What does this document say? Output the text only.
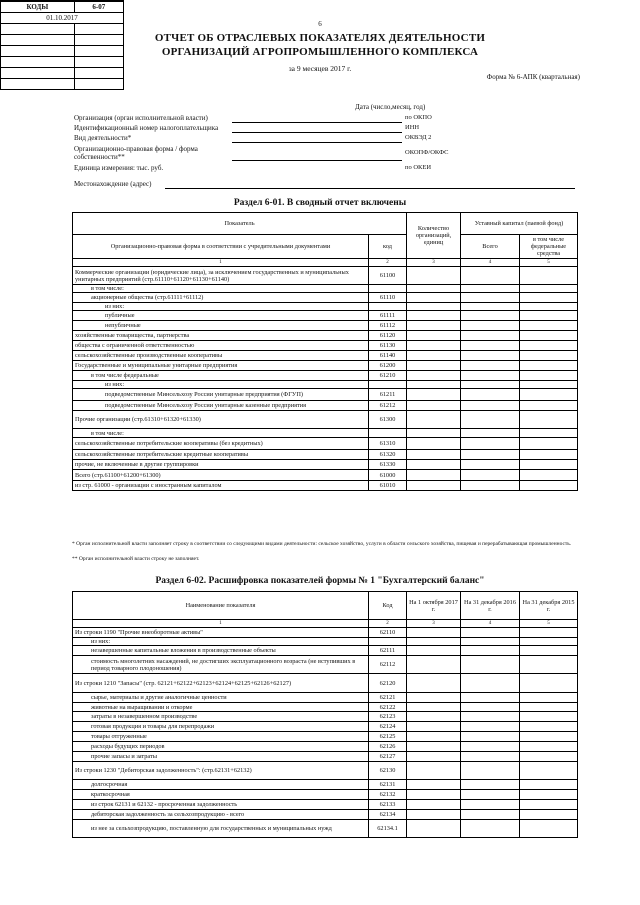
6
ОТЧЕТ ОБ ОТРАСЛЕВЫХ ПОКАЗАТЕЛЯХ ДЕЯТЕЛЬНОСТИ
ОРГАНИЗАЦИЙ АГРОПРОМЫШЛЕННОГО КОМПЛЕКСА
за 9 месяцев 2017 г.
Форма № 6-АПК (квартальная)
КОДЫ	6-07
01.10.2017	

Дата (число,месяц, год)
Организация (орган исполнительной власти)	по ОКПО
Идентификационный номер налогоплательщика	ИНН
Вид деятельности*	ОКВЭД 2
Организационно-правовая форма / форма
собственности**
ОКОПФ/ОКФС
Единица измерения: тыс. руб.	по ОКЕИ
Местонахождение (адрес)
Раздел 6-01. В сводный отчет включены
Показатель		Количество организаций, единиц	Уставный капитал (паевой фонд)		
Организационно-правовая форма в соответствии с учредительными документами	код		Всего	в том числе федеральные средства	
1	2	3	4	5	
Коммерческие организации (юридические лица), за исключением государственных и муниципальных унитарных предприятий (стр.61110+61120+61130+61140)	61100				
в том числе:					
акционерные общества (стр.61111+61112)	61110				
из них:					
публичные	61111				
непубличные	61112				
хозяйственные товарищества, партнерства	61120				
общества с ограниченной ответственностью	61130				
сельскохозяйственные производственные кооперативы	61140				
Государственные и муниципальные унитарные предприятия	61200				
в том числе федеральные	61210				
из них:					
подведомственные Минсельхозу России унитарные предприятия (ФГУП)	61211				
подведомственные Минсельхозу России унитарные казенные предприятия	61212				
Прочие организации (стр.61310+61320+61330)	61300				
в том числе:					
сельскохозяйственные потребительские кооперативы (без кредитных)	61310				
сельскохозяйственные потребительские кредитные кооперативы	61320				
прочие, не включенные в другие группировки	61330				
Всего (стр.61100+61200+61300)	61000				
из стр. 61000 - организации с иностранным капиталом	61010				
* Орган исполнительной власти заполняет строку в соответствии со следующими видами деятельности: сельское хозяйство, услуги в области сельского хозяйства, пищевая и перерабатывающая промышленность.
** Орган исполнительной власти строку не заполняет.
Раздел 6-02. Расшифровка показателей формы № 1 "Бухгалтерский баланс"
Наименование показателя	Код	На 1 октября 2017 г.	На 31 декабря 2016 г.	На 31 декабря 2015 г.
1	2	3	4	5
Из строки 1190 "Прочие внеоборотные активы"	62110			
из них:				
незавершенные капитальные вложения в производственные объекты	62111			
стоимость многолетних насаждений, не достигших эксплуатационного возраста (не вступивших в период товарного плодоношения)	62112			
Из строки 1210 "Запасы" (стр. 62121+62122+62123+62124+62125+62126+62127)	62120			
сырье, материалы и другие аналогичные ценности	62121			
животные на выращивании и откорме	62122			
затраты в незавершенном производстве	62123			
готовая продукция и товары для перепродажи	62124			
товары отгруженные	62125			
расходы будущих периодов	62126			
прочие запасы и затраты	62127			
Из строки 1230 "Дебиторская задолженность": (стр.62131+62132)	62130			
долгосрочная	62131			
краткосрочная	62132			
из строк 62131 и 62132 - просроченная задолженность	62133			
дебиторская задолженность за сельхозпродукцию - всего	62134			
из нее за сельхозпродукцию, поставленную для государственных и муниципальных нужд	62134.1			
